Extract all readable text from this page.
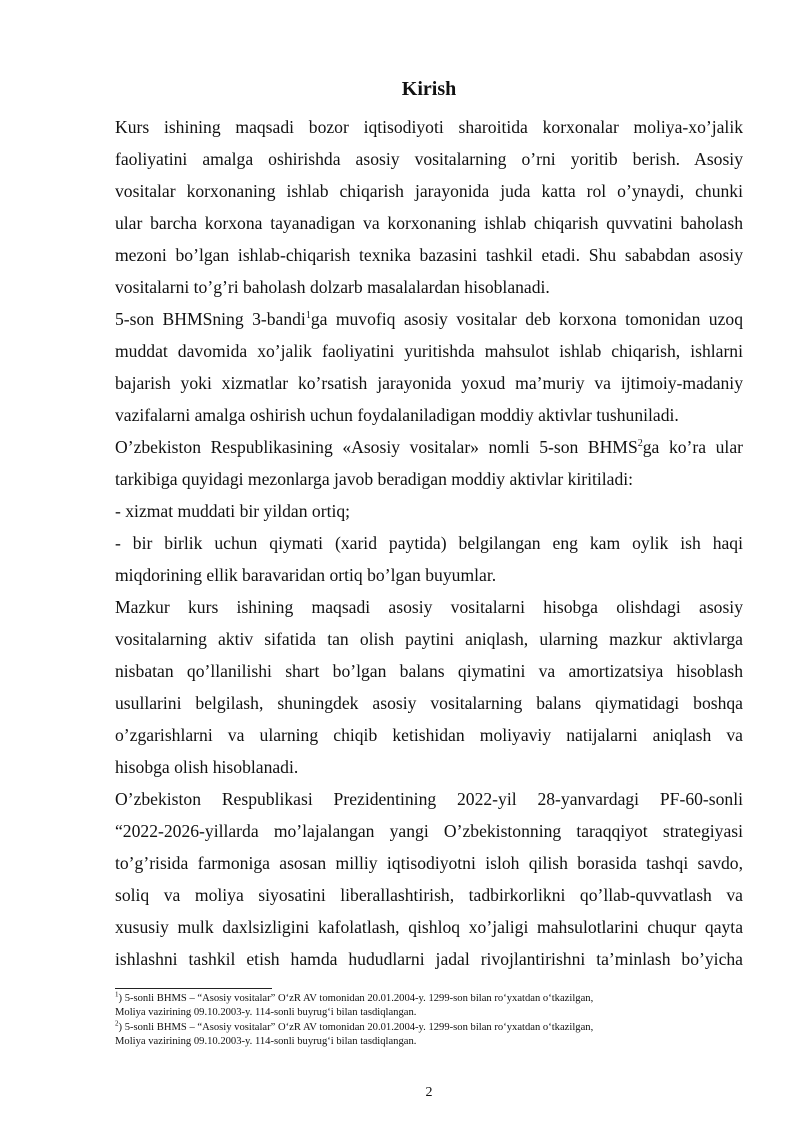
Kirish

Kurs ishining maqsadi bozor iqtisodiyoti sharoitida korxonalar moliya-xo’jalik

faoliyatini amalga oshirishda asosiy vositalarning o’rni yoritib berish. Asosiy

vositalar korxonaning ishlab chiqarish jarayonida juda katta rol o’ynaydi, chunki

ular barcha korxona tayanadigan va korxonaning ishlab chiqarish quvvatini baholash

mezoni bo’lgan ishlab-chiqarish texnika bazasini tashkil etadi. Shu sababdan asosiy

vositalarni to’g’ri baholash dolzarb masalalardan hisoblanadi.

5-son BHMSning 3-bandi$^1$ga muvofiq asosiy vositalar deb korxona tomonidan uzoq

muddat davomida xo’jalik faoliyatini yuritishda mahsulot ishlab chiqarish, ishlarni

bajarish yoki xizmatlar ko’rsatish jarayonida yoxud ma’muriy va ijtimoiy-madaniy

vazifalarni amalga oshirish uchun foydalaniladigan moddiy aktivlar tushuniladi.

O’zbekiston Respublikasining «Asosiy vositalar» nomli 5-son BHMS$^2$ga ko’ra ular

tarkibiga quyidagi mezonlarga javob beradigan moddiy aktivlar kiritiladi:

- xizmat muddati bir yildan ortiq;

- bir birlik uchun qiymati (xarid paytida) belgilangan eng kam oylik ish haqi

miqdorining ellik baravaridan ortiq bo’lgan buyumlar.

Mazkur kurs ishining maqsadi asosiy vositalarni hisobga olishdagi asosiy

vositalarning aktiv sifatida tan olish paytini aniqlash, ularning mazkur aktivlarga

nisbatan qo’llanilishi shart bo’lgan balans qiymatini va amortizatsiya hisoblash

usullarini belgilash, shuningdek asosiy vositalarning balans qiymatidagi boshqa

o’zgarishlarni va ularning chiqib ketishidan moliyaviy natijalarni aniqlash va

hisobga olish hisoblanadi.

O’zbekiston Respublikasi Prezidentining 2022-yil 28-yanvardagi PF-60-sonli

“2022-2026-yillarda mo’lajalangan yangi O’zbekistonning taraqqiyot strategiyasi

to’g’risida farmoniga asosan milliy iqtisodiyotni isloh qilish borasida tashqi savdo,

soliq va moliya siyosatini liberallashtirish, tadbirkorlikni qo’llab-quvvatlash va

xususiy mulk daxlsizligini kafolatlash, qishloq xo’jaligi mahsulotlarini chuqur qayta

ishlashni tashkil etish hamda hududlarni jadal rivojlantirishni ta’minlash bo’yicha

$^1$) 5-sonli BHMS – “Asosiy vositalar” O‘zR AV tomonidan 20.01.2004-y. 1299-son bilan ro‘yxatdan o‘tkazilgan,
Moliya vazirining 09.10.2003-y. 114-sonli buyrug‘i bilan tasdiqlangan.
$^2$) 5-sonli BHMS – “Asosiy vositalar” O‘zR AV tomonidan 20.01.2004-y. 1299-son bilan ro‘yxatdan o‘tkazilgan,
Moliya vazirining 09.10.2003-y. 114-sonli buyrug‘i bilan tasdiqlangan.
2
